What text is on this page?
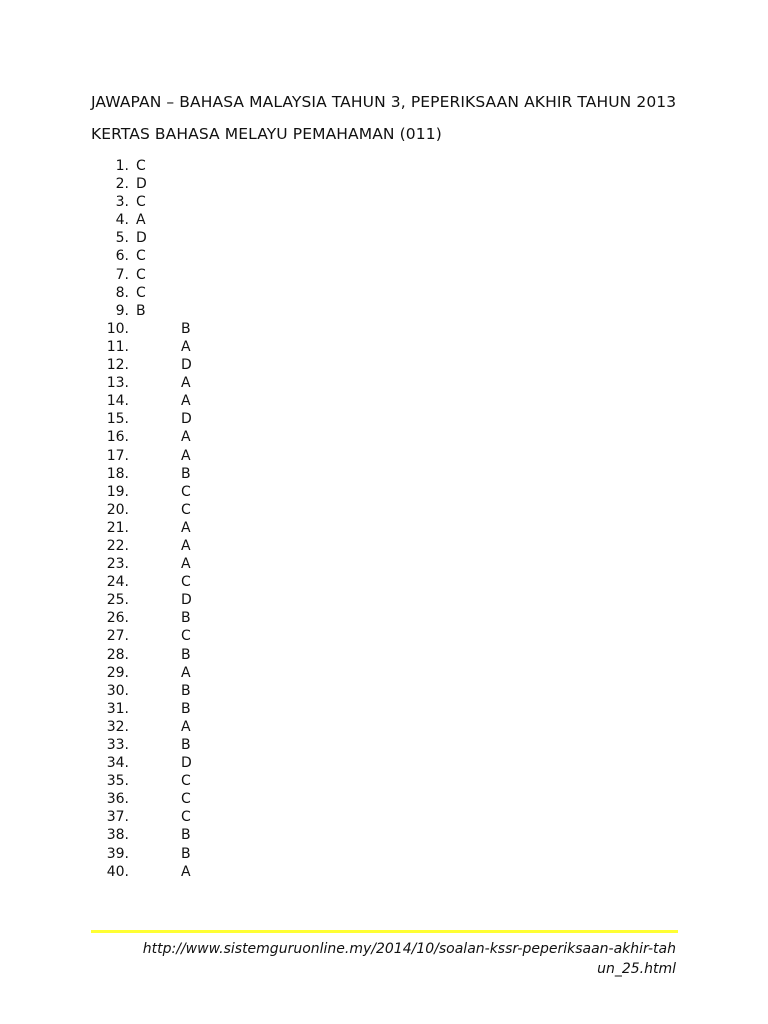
JAWAPAN – BAHASA MALAYSIA TAHUN 3, PEPERIKSAAN AKHIR TAHUN 2013
KERTAS BAHASA MELAYU PEMAHAMAN (011)
1. C
2. D
3. C
4. A
5. D
6. C
7. C
8. C
9. B
10.	B
11.	A
12.	D
13.	A
14.	A
15.	D
16.	A
17.	A
18.	B
19.	C
20.	C
21.	A
22.	A
23.	A
24.	C
25.	D
26.	B
27.	C
28.	B
29.	A
30.	B
31.	B
32.	A
33.	B
34.	D
35.	C
36.	C
37.	C
38.	B
39.	B
40.	A
http://www.sistemguruonline.my/2014/10/soalan-kssr-peperiksaan-akhir-tahun_25.html
